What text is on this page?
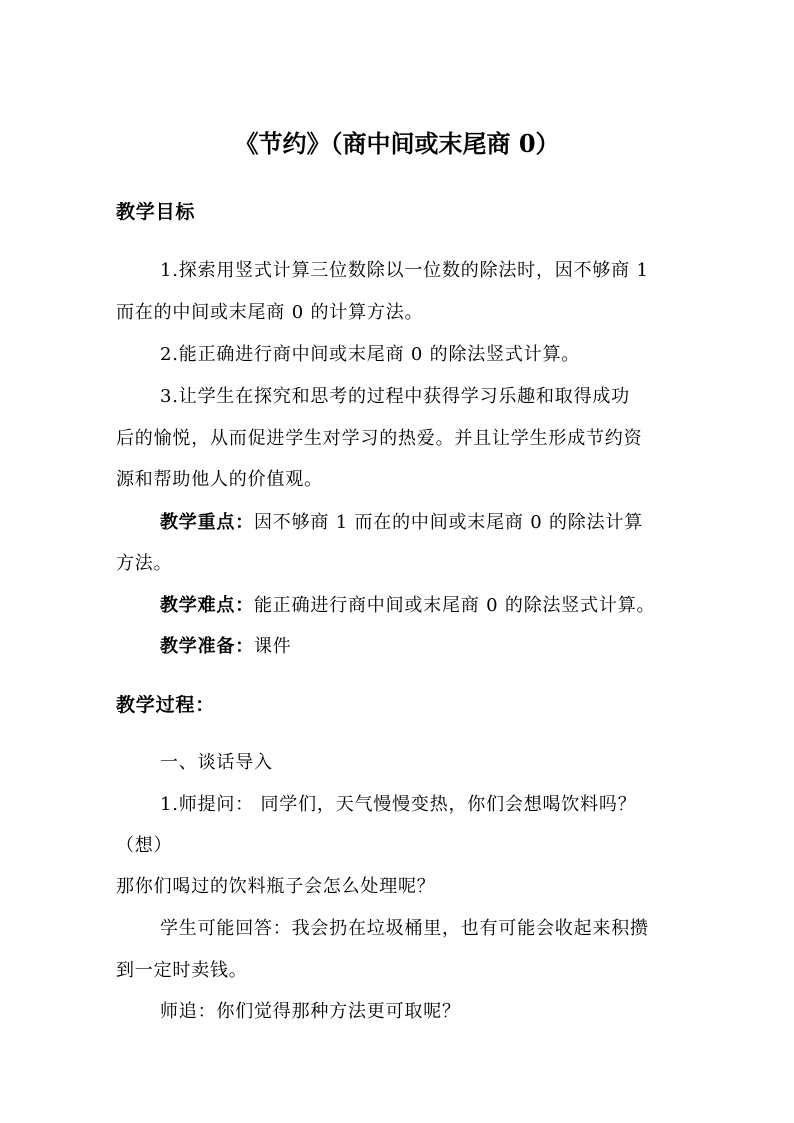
《节约》（商中间或末尾商 0）
教学目标
1.探索用竖式计算三位数除以一位数的除法时，因不够商 1
而在的中间或末尾商 0 的计算方法。
2.能正确进行商中间或末尾商 0 的除法竖式计算。
3.让学生在探究和思考的过程中获得学习乐趣和取得成功
后的愉悦，从而促进学生对学习的热爱。并且让学生形成节约资
源和帮助他人的价值观。
教学重点：因不够商 1 而在的中间或末尾商 0 的除法计算
方法。
教学难点：能正确进行商中间或末尾商 0 的除法竖式计算。
教学准备：课件
教学过程：
一、谈话导入
1.师提问： 同学们，天气慢慢变热，你们会想喝饮料吗？
（想）
那你们喝过的饮料瓶子会怎么处理呢？
学生可能回答：我会扔在垃圾桶里，也有可能会收起来积攒
到一定时卖钱。
师追：你们觉得那种方法更可取呢？
